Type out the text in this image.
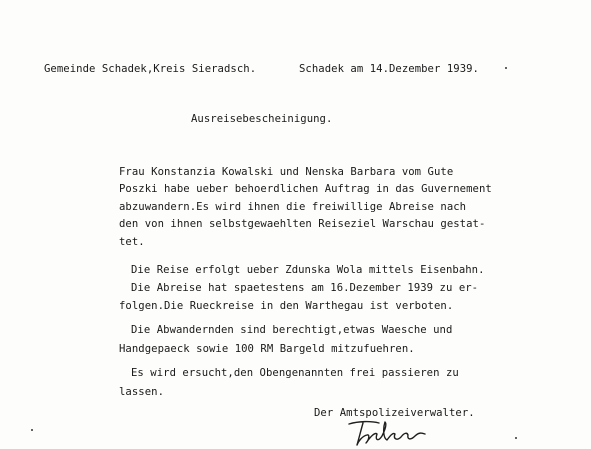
Gemeinde Schadek,Kreis Sieradsch.	Schadek am 14.Dezember 1939.
Ausreisebescheinigung.
Frau Konstanzia Kowalski und Nenska Barbara vom Gute
Poszki habe ueber behoerdlichen Auftrag in das Guvernement
abzuwandern.Es wird ihnen die freiwillige Abreise nach
den von ihnen selbstgewaehlten Reiseziel Warschau gestat-
tet.
Die Reise erfolgt ueber Zdunska Wola mittels Eisenbahn.
Die Abreise hat spaetestens am 16.Dezember 1939 zu er-
folgen.Die Rueckreise in den Warthegau ist verboten.
Die Abwandernden sind berechtigt,etwas Waesche und
Handgepaeck sowie 100 RM Bargeld mitzufuehren.
Es wird ersucht,den Obengenannten frei passieren zu
lassen.
Der Amtspolizeiverwalter.
